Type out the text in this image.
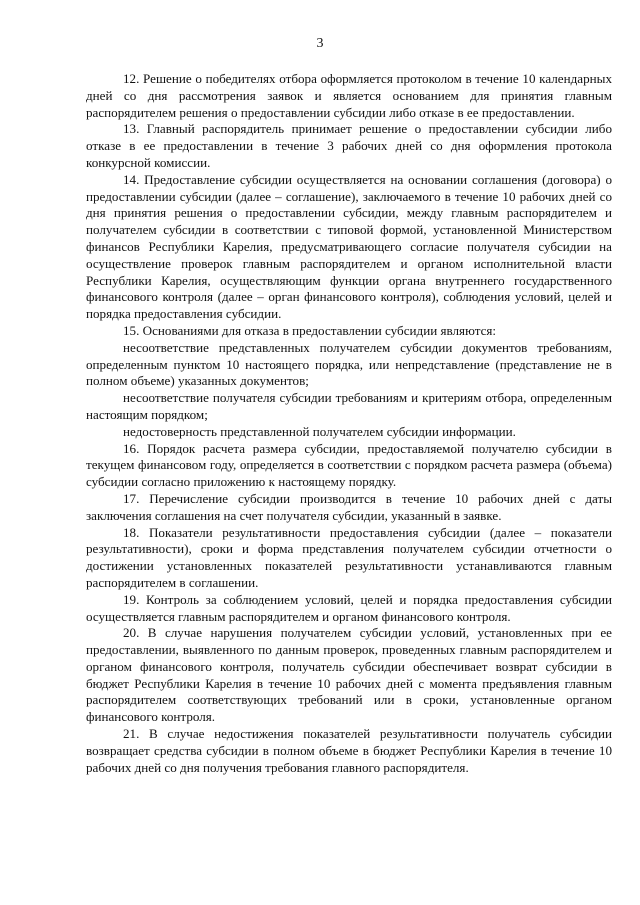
3

12. Решение о победителях отбора оформляется протоколом в течение 10 календарных дней со дня рассмотрения заявок и является основанием для принятия главным распорядителем решения о предоставлении субсидии либо отказе в ее предоставлении.

13. Главный распорядитель принимает решение о предоставлении субсидии либо отказе в ее предоставлении в течение 3 рабочих дней со дня оформления протокола конкурсной комиссии.

14. Предоставление субсидии осуществляется на основании соглашения (договора) о предоставлении субсидии (далее – соглашение), заключаемого в течение 10 рабочих дней со дня принятия решения о предоставлении субсидии, между главным распорядителем и получателем субсидии в соответствии с типовой формой, установленной Министерством финансов Республики Карелия, предусматривающего согласие получателя субсидии на осуществление проверок главным распорядителем и органом исполнительной власти Республики Карелия, осуществляющим функции органа внутреннего государственного финансового контроля (далее – орган финансового контроля), соблюдения условий, целей и порядка предоставления субсидии.

15. Основаниями для отказа в предоставлении субсидии являются:

несоответствие представленных получателем субсидии документов требованиям, определенным пунктом 10 настоящего порядка, или непредставление (представление не в полном объеме) указанных документов;

несоответствие получателя субсидии требованиям и критериям отбора, определенным настоящим порядком;

недостоверность представленной получателем субсидии информации.

16. Порядок расчета размера субсидии, предоставляемой получателю субсидии в текущем финансовом году, определяется в соответствии с порядком расчета размера (объема) субсидии согласно приложению к настоящему порядку.

17. Перечисление субсидии производится в течение 10 рабочих дней с даты заключения соглашения на счет получателя субсидии, указанный в заявке.

18. Показатели результативности предоставления субсидии (далее – показатели результативности), сроки и форма представления получателем субсидии отчетности о достижении установленных показателей результативности устанавливаются главным распорядителем в соглашении.

19. Контроль за соблюдением условий, целей и порядка предоставления субсидии осуществляется главным распорядителем и органом финансового контроля.

20. В случае нарушения получателем субсидии условий, установленных при ее предоставлении, выявленного по данным проверок, проведенных главным распорядителем и органом финансового контроля, получатель субсидии обеспечивает возврат субсидии в бюджет Республики Карелия в течение 10 рабочих дней с момента предъявления главным распорядителем соответствующих требований или в сроки, установленные органом финансового контроля.

21. В случае недостижения показателей результативности получатель субсидии возвращает средства субсидии в полном объеме в бюджет Республики Карелия в течение 10 рабочих дней со дня получения требования главного распорядителя.
